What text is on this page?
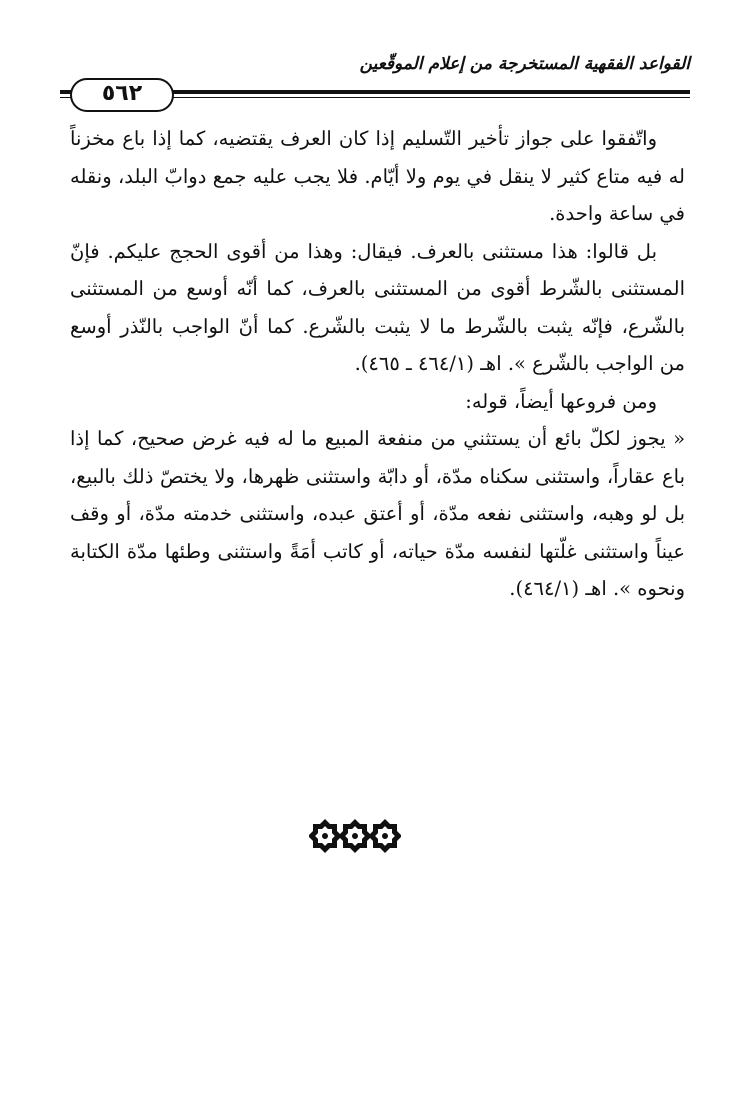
القواعد الفقهية المستخرجة من إعلام الموقّعين
٥٦٢

واتّفقوا على جواز تأخير التّسليم إذا كان العرف يقتضيه، كما إذا باع مخزناً له فيه متاع كثير لا ينقل في يوم ولا أيّام. فلا يجب عليه جمع دوابّ البلد، ونقله في ساعة واحدة.

بل قالوا: هذا مستثنى بالعرف. فيقال: وهذا من أقوى الحجج عليكم. فإنّ المستثنى بالشّرط أقوى من المستثنى بالعرف، كما أنّه أوسع من المستثنى بالشّرع، فإنّه يثبت بالشّرط ما لا يثبت بالشّرع. كما أنّ الواجب بالنّذر أوسع من الواجب بالشّرع ». اهـ (٤٦٤/١ ـ ٤٦٥).

ومن فروعها أيضاً، قوله:

« يجوز لكلّ بائع أن يستثني من منفعة المبيع ما له فيه غرض صحيح، كما إذا باع عقاراً، واستثنى سكناه مدّة، أو دابّة واستثنى ظهرها، ولا يختصّ ذلك بالبيع، بل لو وهبه، واستثنى نفعه مدّة، أو أعتق عبده، واستثنى خدمته مدّة، أو وقف عيناً واستثنى غلّتها لنفسه مدّة حياته، أو كاتب أمَةً واستثنى وطئها مدّة الكتابة ونحوه ». اهـ (٤٦٤/١).
